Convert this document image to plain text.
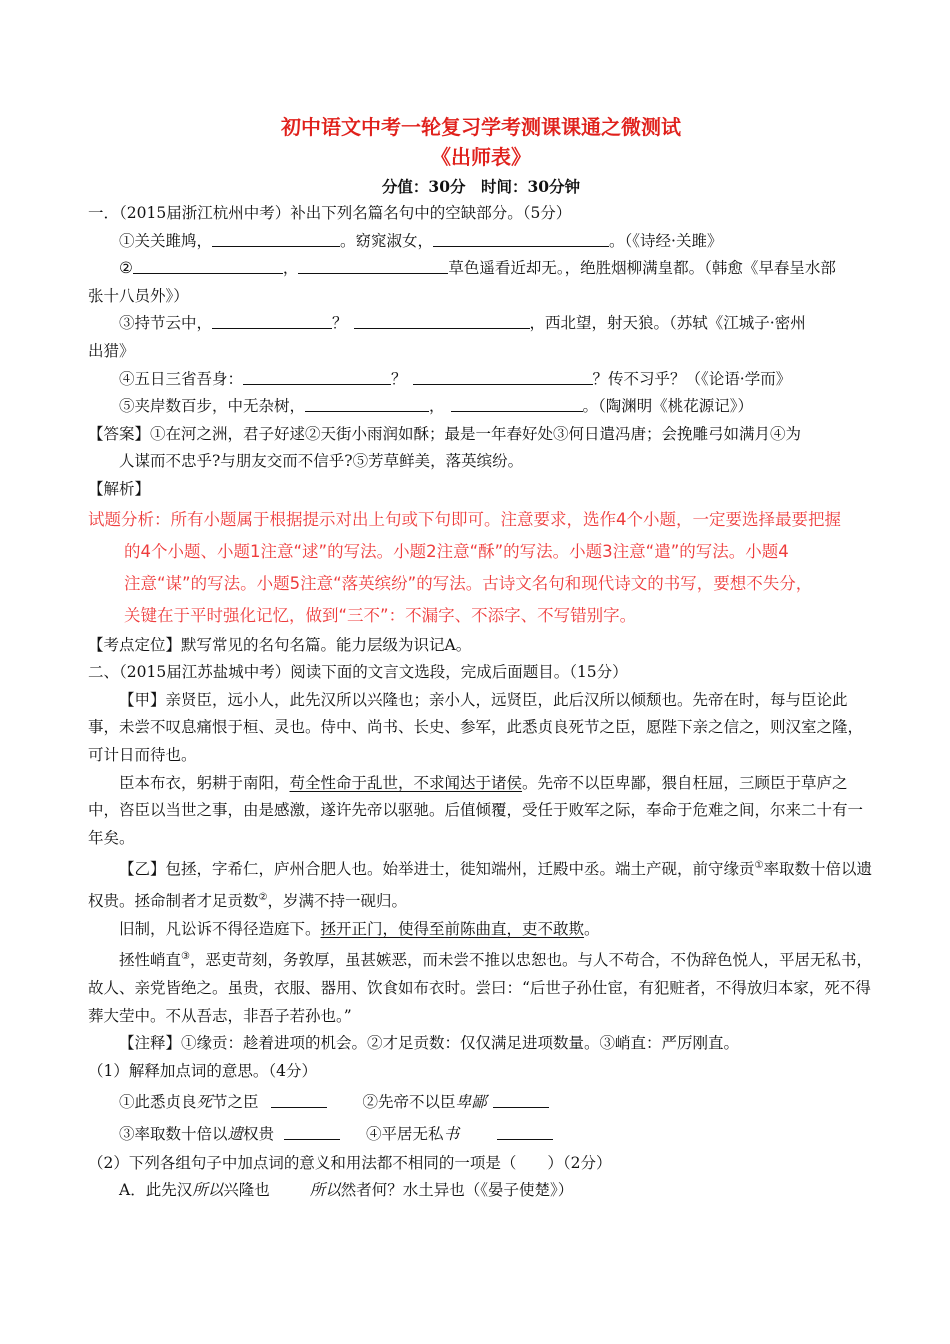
初中语文中考一轮复习学考测课课通之微测试
《出师表》
分值：30分　时间：30分钟
一．（2015届浙江杭州中考）补出下列名篇名句中的空缺部分。（5分）
①关关雎鸠，	。窈窕淑女，	。（《诗经·关雎》
②	，	草色遥看近却无。，绝胜烟柳满皇都。（韩愈《早春呈水部
张十八员外》）
③持节云中，	？	，西北望，射天狼。（苏轼《江城子·密州
出猎》
④五日三省吾身：	？	？传不习乎？（《论语·学而》
⑤夹岸数百步，中无杂树，	，	。（陶渊明《桃花源记》）
【答案】①在河之洲，君子好逑②天街小雨润如酥；最是一年春好处③何日遣冯唐；会挽雕弓如满月④为
人谋而不忠乎?与朋友交而不信乎?⑤芳草鲜美，落英缤纷。
【解析】
试题分析：所有小题属于根据提示对出上句或下句即可。注意要求，选作4个小题，一定要选择最要把握
的4个小题、小题1注意“逑”的写法。小题2注意“酥”的写法。小题3注意“遣”的写法。小题4
注意“谋”的写法。小题5注意“落英缤纷”的写法。古诗文名句和现代诗文的书写，要想不失分，
关键在于平时强化记忆，做到“三不”：不漏字、不添字、不写错别字。
【考点定位】默写常见的名句名篇。能力层级为识记A。
二、（2015届江苏盐城中考）阅读下面的文言文选段，完成后面题目。（15分）
【甲】亲贤臣，远小人，此先汉所以兴隆也；亲小人，远贤臣，此后汉所以倾颓也。先帝在时，每与臣论此事，未尝不叹息痛恨于桓、灵也。侍中、尚书、长史、参军，此悉贞良死节之臣，愿陛下亲之信之，则汉室之隆，可计日而待也。
臣本布衣，躬耕于南阳，苟全性命于乱世，不求闻达于诸侯。先帝不以臣卑鄙，猥自枉屈，三顾臣于草庐之中，咨臣以当世之事，由是感激，遂许先帝以驱驰。后值倾覆，受任于败军之际，奉命于危难之间，尔来二十有一年矣。
【乙】包拯，字希仁，庐州合肥人也。始举进士，徙知端州，迁殿中丞。端土产砚，前守缘贡①率取数十倍以遗权贵。拯命制者才足贡数②，岁满不持一砚归。
旧制，凡讼诉不得径造庭下。拯开正门，使得至前陈曲直，吏不敢欺。
拯性峭直③，恶吏苛刻，务敦厚，虽甚嫉恶，而未尝不推以忠恕也。与人不苟合，不伪辞色悦人，平居无私书，故人、亲党皆绝之。虽贵，衣服、器用、饮食如布衣时。尝曰：“后世子孙仕宦，有犯赃者，不得放归本家，死不得葬大茔中。不从吾志，非吾子若孙也。”
【注释】①缘贡：趁着进项的机会。②才足贡数：仅仅满足进项数量。③峭直：严厉刚直。
（1）解释加点词的意思。（4分）
①此悉贞良死节之臣	②先帝不以臣卑鄙
③率取数十倍以遗权贵	④平居无私书
（2）下列各组句子中加点词的意义和用法都不相同的一项是（　　）（2分）
A．此先汉所以兴隆也	所以然者何？水土异也（《晏子使楚》）
